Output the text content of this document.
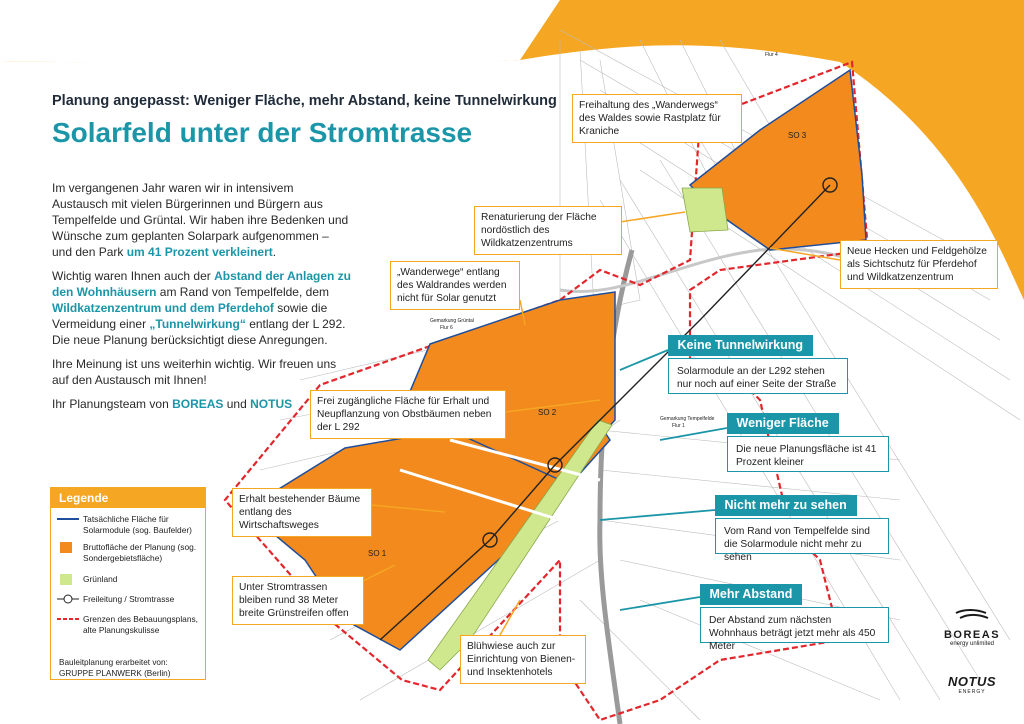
SO 3
SO 2
SO 1
Gemarkung Tempelfelde
Flur 1
Gemarkung Grüntal
Flur 6
Flur 4
Planung angepasst: Weniger Fläche, mehr Abstand, keine Tunnelwirkung
Solarfeld unter der Stromtrasse

Im vergangenen Jahr waren wir in intensivem Austausch mit vielen Bürgerinnen und Bürgern aus Tempelfelde und Grüntal. Wir haben ihre Bedenken und Wünsche zum geplanten Solarpark aufgenommen – und den Park um 41 Prozent verkleinert.

Wichtig waren Ihnen auch der Abstand der Anlagen zu den Wohnhäusern am Rand von Tempelfelde, dem Wildkatzenzentrum und dem Pferdehof sowie die Vermeidung einer „Tunnelwirkung“ entlang der L 292. Die neue Planung berücksichtigt diese Anregungen.

Ihre Meinung ist uns weiterhin wichtig. Wir freuen uns auf den Austausch mit Ihnen!

Ihr Planungsteam von BOREAS und NOTUS

Freihaltung des „Wanderwegs“ des Waldes sowie Rastplatz für Kraniche
Renaturierung der Fläche nordöstlich des Wildkatzenzentrums
Neue Hecken und Feldgehölze als Sichtschutz für Pferdehof und Wildkatzenzentrum
„Wanderwege“ entlang des Waldrandes werden nicht für Solar genutzt
Frei zugängliche Fläche für Erhalt und Neupflanzung von Obstbäumen neben der L 292
Erhalt bestehender Bäume entlang des Wirtschaftsweges
Unter Stromtrassen bleiben rund 38 Meter breite Grünstreifen offen
Blühwiese auch zur Einrichtung von Bienen- und Insektenhotels
Keine Tunnelwirkung
Solarmodule an der L292 stehen nur noch auf einer Seite der Straße
Weniger Fläche
Die neue Planungsfläche ist 41 Prozent kleiner
Nicht mehr zu sehen
Vom Rand von Tempelfelde sind die Solarmodule nicht mehr zu sehen
Mehr Abstand
Der Abstand zum nächsten Wohnhaus beträgt jetzt mehr als 450 Meter
Legende
Tatsächliche Fläche für Solarmodule (sog. Baufelder)
Bruttofläche der Planung (sog. Sondergebietsfläche)
Grünland
Freileitung / Stromtrasse
Grenzen des Bebauungsplans, alte Planungskulisse
Bauleitplanung erarbeitet von:
GRUPPE PLANWERK (Berlin)
BOREAS
energy unlimited
NOTUS
ENERGY
